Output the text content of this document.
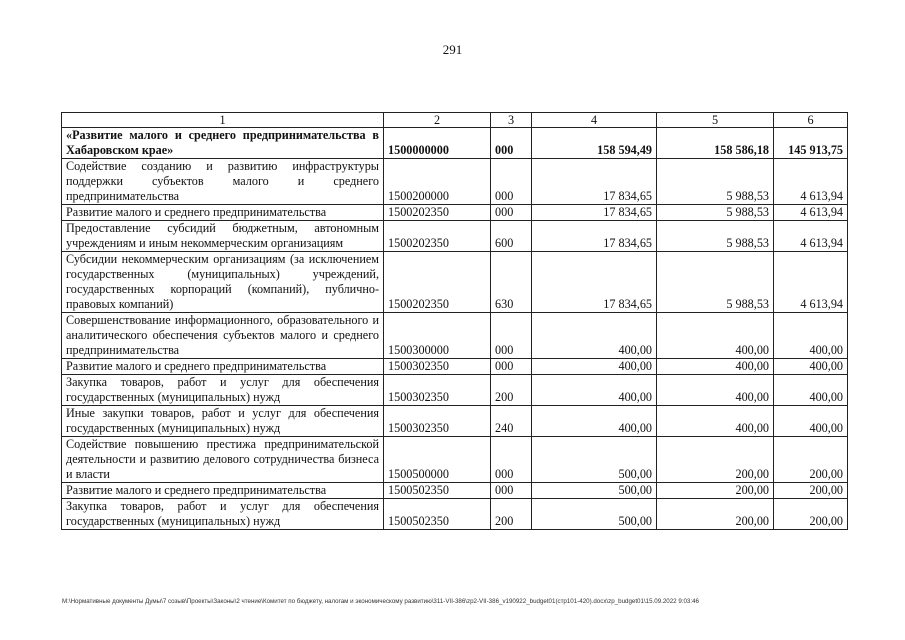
291
1	2	3	4	5	6
«Развитие малого и среднего предпринимательства в Хабаровском крае»	1500000000	000	158 594,49	158 586,18	145 913,75
Содействие созданию и развитию инфраструктуры поддержки субъектов малого и среднего предпринимательства	1500200000	000	17 834,65	5 988,53	4 613,94
Развитие малого и среднего предпринимательства	1500202350	000	17 834,65	5 988,53	4 613,94
Предоставление субсидий бюджетным, автономным учреждениям и иным некоммерческим организациям	1500202350	600	17 834,65	5 988,53	4 613,94
Субсидии некоммерческим организациям (за исключением государственных (муниципальных) учреждений, государственных корпораций (компаний), публично-правовых компаний)	1500202350	630	17 834,65	5 988,53	4 613,94
Совершенствование информационного, образовательного и аналитического обеспечения субъектов малого и среднего предпринимательства	1500300000	000	400,00	400,00	400,00
Развитие малого и среднего предпринимательства	1500302350	000	400,00	400,00	400,00
Закупка товаров, работ и услуг для обеспечения государственных (муниципальных) нужд	1500302350	200	400,00	400,00	400,00
Иные закупки товаров, работ и услуг для обеспечения государственных (муниципальных) нужд	1500302350	240	400,00	400,00	400,00
Содействие повышению престижа предпринимательской деятельности и развитию делового сотрудничества бизнеса и власти	1500500000	000	500,00	200,00	200,00
Развитие малого и среднего предпринимательства	1500502350	000	500,00	200,00	200,00
Закупка товаров, работ и услуг для обеспечения государственных (муниципальных) нужд	1500502350	200	500,00	200,00	200,00
M:\Нормативные документы Думы\7 созыв\Проекты\Законы\2 чтение\Комитет по бюджету, налогам и экономическому развитию\311-VII-386\zp2-VII-386_v190922_budget01(стр101-420).docx\zp_budget01\15.09.2022 9:03:46
